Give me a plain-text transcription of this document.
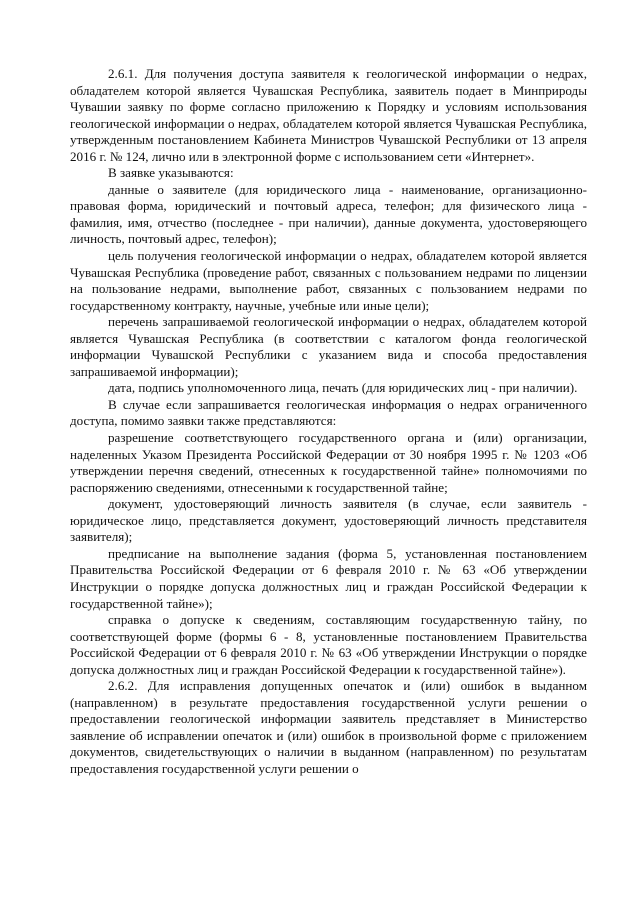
2.6.1. Для получения доступа заявителя к геологической информации о недрах, обладателем которой является Чувашская Республика, заявитель подает в Минприроды Чувашии заявку по форме согласно приложению к Порядку и условиям использования геологической информации о недрах, обладателем которой является Чувашская Республика, утвержденным постановлением Кабинета Министров Чувашской Республики от 13 апреля 2016 г. № 124, лично или в электронной форме с использованием сети «Интернет».

В заявке указываются:

данные о заявителе (для юридического лица - наименование, организационно-правовая форма, юридический и почтовый адреса, телефон; для физического лица - фамилия, имя, отчество (последнее - при наличии), данные документа, удостоверяющего личность, почтовый адрес, телефон);

цель получения геологической информации о недрах, обладателем которой является Чувашская Республика (проведение работ, связанных с пользованием недрами по лицензии на пользование недрами, выполнение работ, связанных с пользованием недрами по государственному контракту, научные, учебные или иные цели);

перечень запрашиваемой геологической информации о недрах, обладателем которой является Чувашская Республика (в соответствии с каталогом фонда геологической информации Чувашской Республики с указанием вида и способа предоставления запрашиваемой информации);

дата, подпись уполномоченного лица, печать (для юридических лиц - при наличии).

В случае если запрашивается геологическая информация о недрах ограниченного доступа, помимо заявки также представляются:

разрешение соответствующего государственного органа и (или) организации, наделенных Указом Президента Российской Федерации от 30 ноября 1995 г. № 1203 «Об утверждении перечня сведений, отнесенных к государственной тайне» полномочиями по распоряжению сведениями, отнесенными к государственной тайне;

документ, удостоверяющий личность заявителя (в случае, если заявитель - юридическое лицо, представляется документ, удостоверяющий личность представителя заявителя);

предписание на выполнение задания (форма 5, установленная постановлением Правительства Российской Федерации от 6 февраля 2010 г. № 63 «Об утверждении Инструкции о порядке допуска должностных лиц и граждан Российской Федерации к государственной тайне»);

справка о допуске к сведениям, составляющим государственную тайну, по соответствующей форме (формы 6 - 8, установленные постановлением Правительства Российской Федерации от 6 февраля 2010 г. № 63 «Об утверждении Инструкции о порядке допуска должностных лиц и граждан Российской Федерации к государственной тайне»).

2.6.2. Для исправления допущенных опечаток и (или) ошибок в выданном (направленном) в результате предоставления государственной услуги решении о предоставлении геологической информации заявитель представляет в Министерство заявление об исправлении опечаток и (или) ошибок в произвольной форме с приложением документов, свидетельствующих о наличии в выданном (направленном) по результатам предоставления государственной услуги решении о
